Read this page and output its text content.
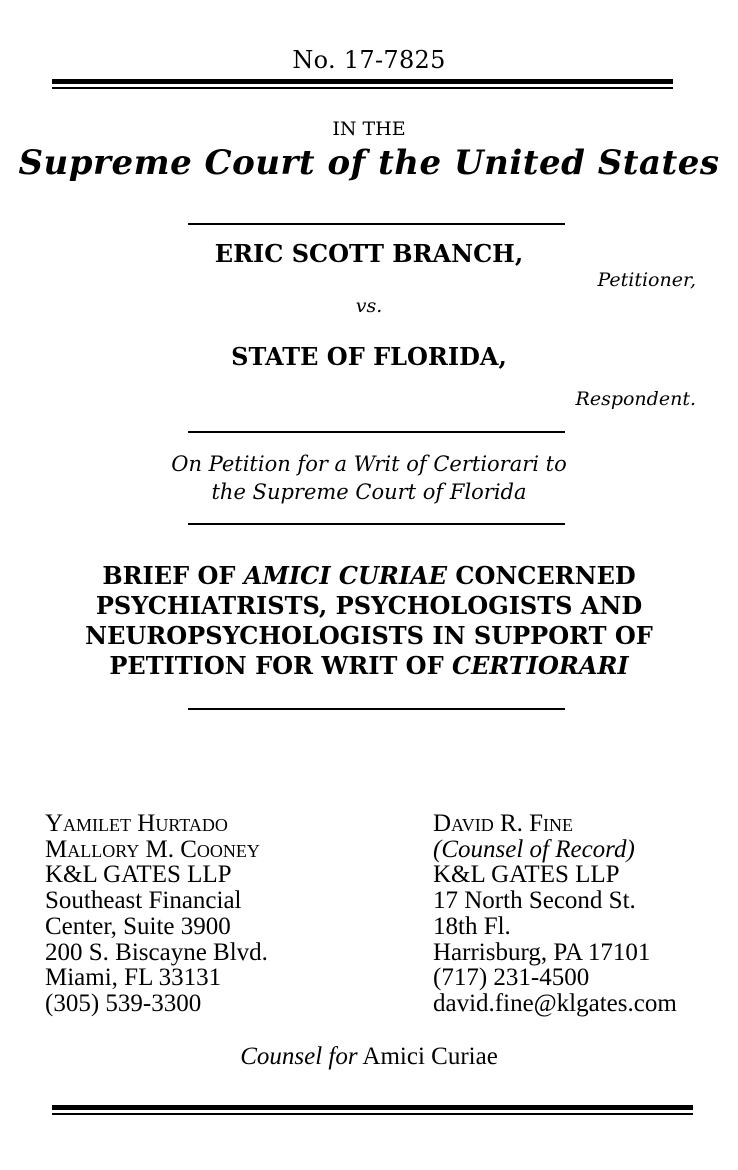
No. 17-7825
IN THE
Supreme Court of the United States
ERIC SCOTT BRANCH,
Petitioner,
vs.
STATE OF FLORIDA,
Respondent.
On Petition for a Writ of Certiorari to
the Supreme Court of Florida
BRIEF OF AMICI CURIAE CONCERNED
PSYCHIATRISTS, PSYCHOLOGISTS AND
NEUROPSYCHOLOGISTS IN SUPPORT OF
PETITION FOR WRIT OF CERTIORARI
Yamilet Hurtado
Mallory M. Cooney
K&L GATES LLP
Southeast Financial
Center, Suite 3900
200 S. Biscayne Blvd.
Miami, FL 33131
(305) 539-3300
David R. Fine
(Counsel of Record)
K&L GATES LLP
17 North Second St.
18th Fl.
Harrisburg, PA 17101
(717) 231-4500
david.fine@klgates.com
Counsel for Amici Curiae
